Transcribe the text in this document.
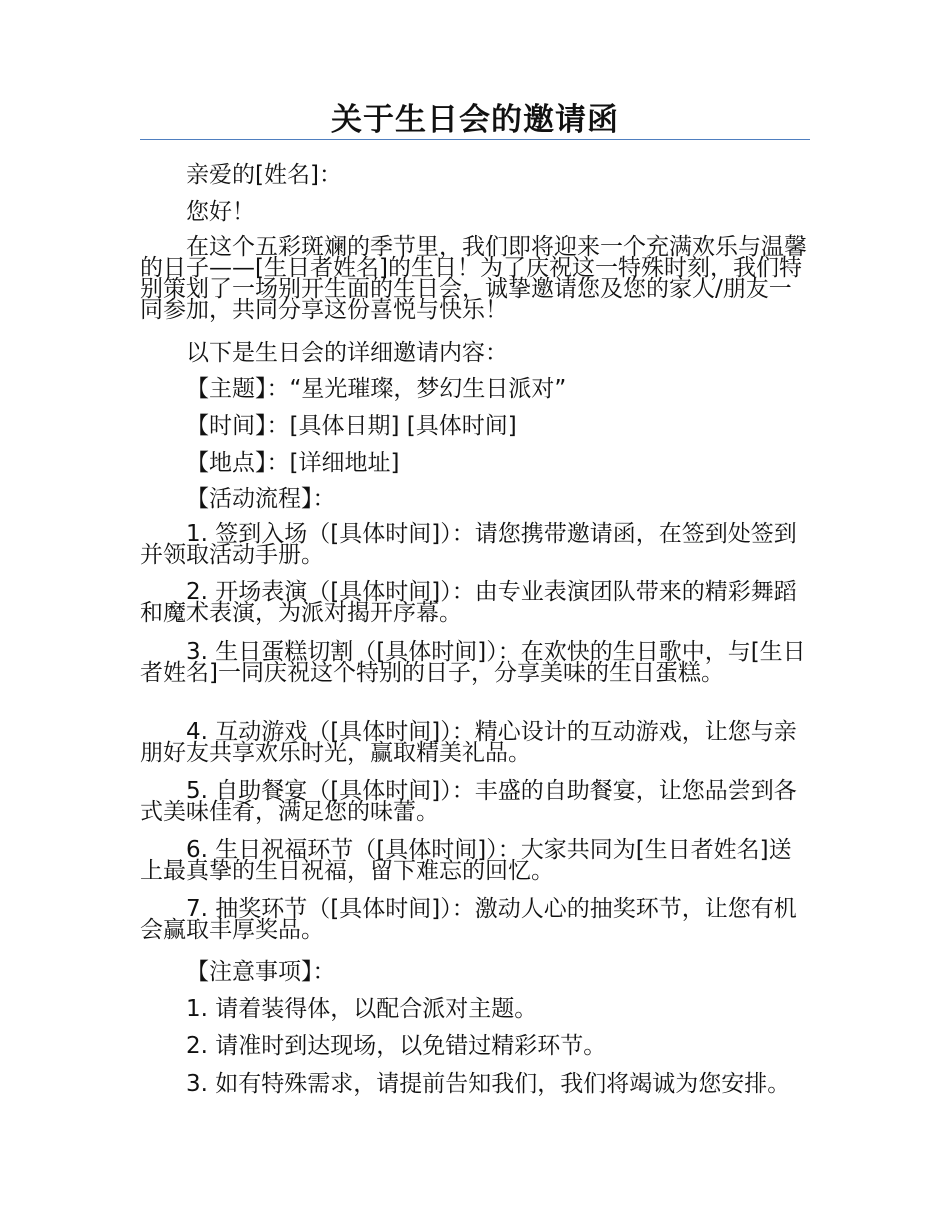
关于生日会的邀请函
亲爱的[姓名]：
您好！
在这个五彩斑斓的季节里，我们即将迎来一个充满欢乐与温馨的日子——[生日者姓名]的生日！为了庆祝这一特殊时刻，我们特别策划了一场别开生面的生日会，诚挚邀请您及您的家人/朋友一同参加，共同分享这份喜悦与快乐！
以下是生日会的详细邀请内容：
【主题】：“星光璀璨，梦幻生日派对”
【时间】：[具体日期] [具体时间]
【地点】：[详细地址]
【活动流程】：
1. 签到入场（[具体时间]）：请您携带邀请函，在签到处签到并领取活动手册。
2. 开场表演（[具体时间]）：由专业表演团队带来的精彩舞蹈和魔术表演，为派对揭开序幕。
3. 生日蛋糕切割（[具体时间]）：在欢快的生日歌中，与[生日者姓名]一同庆祝这个特别的日子，分享美味的生日蛋糕。
4. 互动游戏（[具体时间]）：精心设计的互动游戏，让您与亲朋好友共享欢乐时光，赢取精美礼品。
5. 自助餐宴（[具体时间]）：丰盛的自助餐宴，让您品尝到各式美味佳肴，满足您的味蕾。
6. 生日祝福环节（[具体时间]）：大家共同为[生日者姓名]送上最真挚的生日祝福，留下难忘的回忆。
7. 抽奖环节（[具体时间]）：激动人心的抽奖环节，让您有机会赢取丰厚奖品。
【注意事项】：
1. 请着装得体，以配合派对主题。
2. 请准时到达现场，以免错过精彩环节。
3. 如有特殊需求，请提前告知我们，我们将竭诚为您安排。
